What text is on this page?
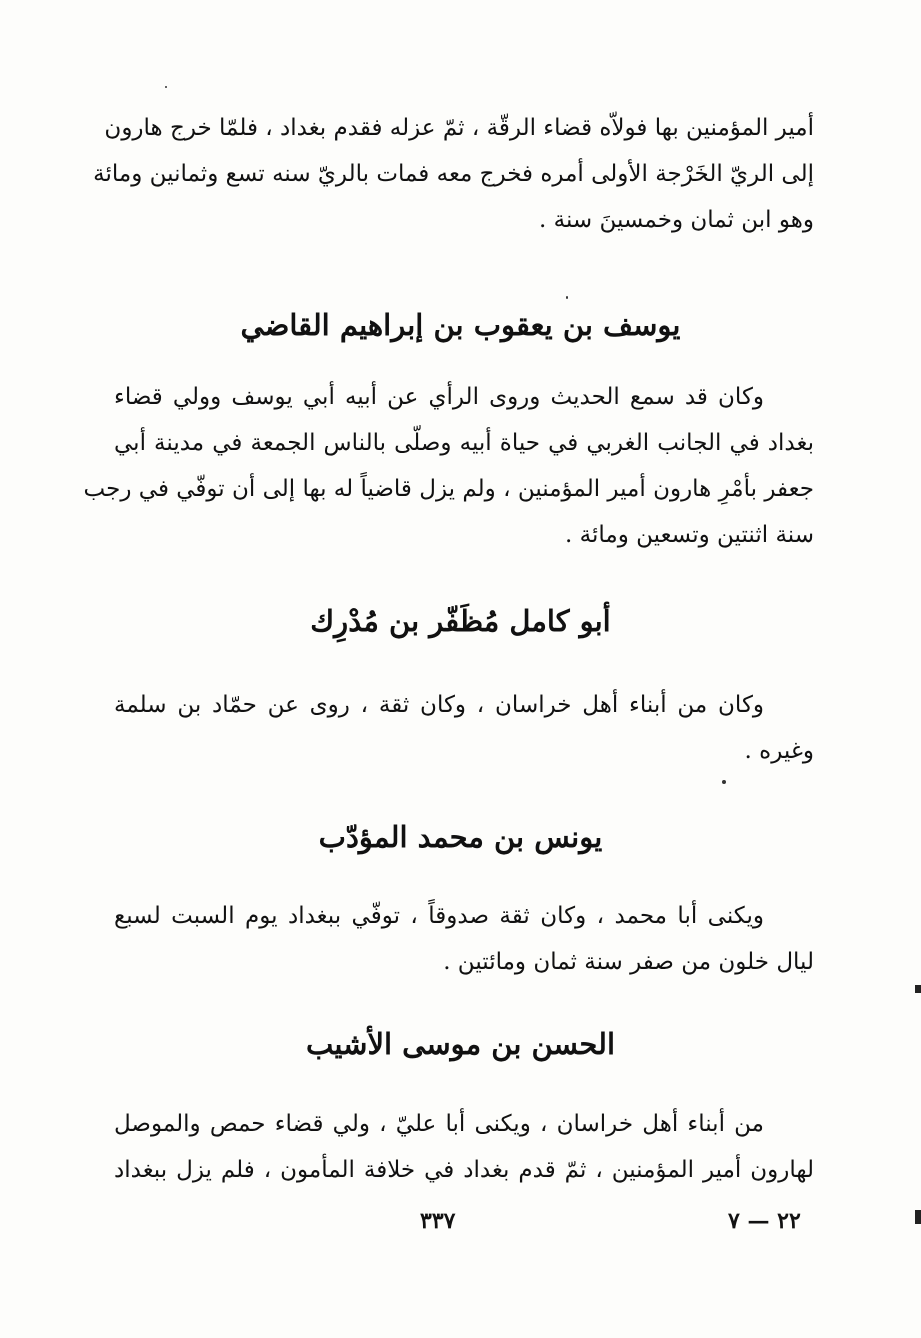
أمير المؤمنين بها فولاّه قضاء الرقّة ، ثمّ عزله فقدم بغداد ، فلمّا خرج هارون
إلى الريّ الخَرْجة الأولى أمره فخرج معه فمات بالريّ سنه تسع وثمانين ومائة
وهو ابن ثمان وخمسينَ سنة .
يوسف بن يعقوب بن إبراهيم القاضي
وكان قد سمع الحديث وروى الرأي عن أبيه أبي يوسف وولي قضاء
بغداد في الجانب الغربي في حياة أبيه وصلّى بالناس الجمعة في مدينة أبي
جعفر بأمْرِ هارون أمير المؤمنين ، ولم يزل قاضياً له بها إلى أن توفّي في رجب
سنة اثنتين وتسعين ومائة .
أبو كامل مُظَفّر بن مُدْرِك
وكان من أبناء أهل خراسان ، وكان ثقة ، روى عن حمّاد بن سلمة
وغيره .
يونس بن محمد المؤدّب
ويكنى أبا محمد ، وكان ثقة صدوقاً ، توفّي ببغداد يوم السبت لسبع
ليال خلون من صفر سنة ثمان ومائتين .
الحسن بن موسى الأشيب
من أبناء أهل خراسان ، ويكنى أبا عليّ ، ولي قضاء حمص والموصل
لهارون أمير المؤمنين ، ثمّ قدم بغداد في خلافة المأمون ، فلم يزل ببغداد
٣٣٧	٢٢ — ٧
